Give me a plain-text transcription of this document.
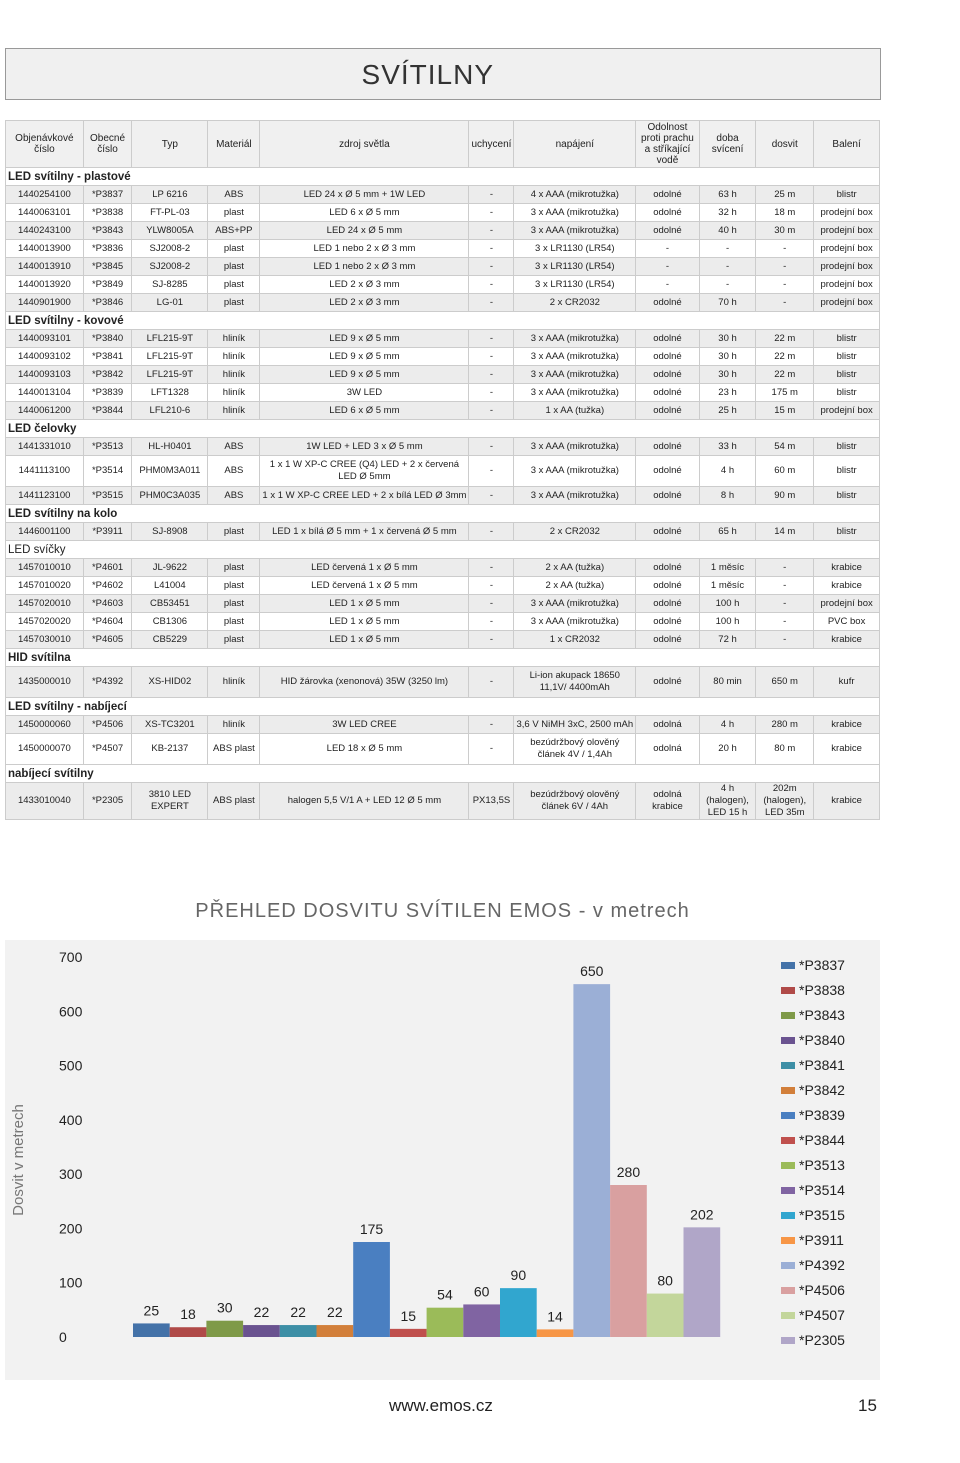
SVÍTILNY
Objenávkové číslo	Obecné číslo	Typ	Materiál	zdroj světla	uchycení	napájení	Odolnost proti prachu a stříkající vodě	doba svícení	dosvit	Balení
LED svítilny - plastové										
1440254100	*P3837	LP 6216	ABS	LED 24 x Ø 5 mm + 1W LED	-	4 x AAA (mikrotužka)	odolné	63 h	25 m	blistr
1440063101	*P3838	FT-PL-03	plast	LED 6 x Ø 5 mm	-	3 x AAA (mikrotužka)	odolné	32 h	18 m	prodejní box
1440243100	*P3843	YLW8005A	ABS+PP	LED 24 x Ø 5 mm	-	3 x AAA (mikrotužka)	odolné	40 h	30 m	prodejní box
1440013900	*P3836	SJ2008-2	plast	LED 1 nebo 2 x Ø 3 mm	-	3 x LR1130 (LR54)	-	-	-	prodejní box
1440013910	*P3845	SJ2008-2	plast	LED 1 nebo 2 x Ø 3 mm	-	3 x LR1130 (LR54)	-	-	-	prodejní box
1440013920	*P3849	SJ-8285	plast	LED 2 x Ø 3 mm	-	3 x LR1130 (LR54)	-	-	-	prodejní box
1440901900	*P3846	LG-01	plast	LED 2 x Ø 3 mm	-	2 x CR2032	odolné	70 h	-	prodejní box
LED svítilny - kovové										
1440093101	*P3840	LFL215-9T	hliník	LED 9 x Ø 5 mm	-	3 x AAA (mikrotužka)	odolné	30 h	22 m	blistr
1440093102	*P3841	LFL215-9T	hliník	LED 9 x Ø 5 mm	-	3 x AAA (mikrotužka)	odolné	30 h	22 m	blistr
1440093103	*P3842	LFL215-9T	hliník	LED 9 x Ø 5 mm	-	3 x AAA (mikrotužka)	odolné	30 h	22 m	blistr
1440013104	*P3839	LFT1328	hliník	3W LED	-	3 x AAA (mikrotužka)	odolné	23 h	175 m	blistr
1440061200	*P3844	LFL210-6	hliník	LED 6 x Ø 5 mm	-	1 x AA (tužka)	odolné	25 h	15 m	prodejní box
LED čelovky										
1441331010	*P3513	HL-H0401	ABS	1W LED + LED 3 x Ø 5 mm	-	3 x AAA (mikrotužka)	odolné	33 h	54 m	blistr
1441113100	*P3514	PHM0M3A011	ABS	1 x 1 W XP-C CREE (Q4) LED + 2 x červená LED Ø 5mm	-	3 x AAA (mikrotužka)	odolné	4 h	60 m	blistr
1441123100	*P3515	PHM0C3A035	ABS	1 x 1 W XP-C CREE LED + 2 x bílá LED Ø 3mm	-	3 x AAA (mikrotužka)	odolné	8 h	90 m	blistr
LED svítilny na kolo										
1446001100	*P3911	SJ-8908	plast	LED 1 x bílá Ø 5 mm + 1 x červená Ø 5 mm	-	2 x CR2032	odolné	65 h	14 m	blistr
LED svíčky										
1457010010	*P4601	JL-9622	plast	LED červená 1 x Ø 5 mm	-	2 x AA (tužka)	odolné	1 měsíc	-	krabice
1457010020	*P4602	L41004	plast	LED červená 1 x Ø 5 mm	-	2 x AA (tužka)	odolné	1 měsíc	-	krabice
1457020010	*P4603	CB53451	plast	LED 1 x Ø 5 mm	-	3 x AAA (mikrotužka)	odolné	100 h	-	prodejní box
1457020020	*P4604	CB1306	plast	LED 1 x Ø 5 mm	-	3 x AAA (mikrotužka)	odolné	100 h	-	PVC box
1457030010	*P4605	CB5229	plast	LED 1 x Ø 5 mm	-	1 x CR2032	odolné	72 h	-	krabice
HID svítilna										
1435000010	*P4392	XS-HID02	hliník	HID žárovka (xenonová) 35W (3250 lm)	-	Li-ion akupack 18650 11,1V/ 4400mAh	odolné	80 min	650 m	kufr
LED svítilny - nabíjecí										
1450000060	*P4506	XS-TC3201	hliník	3W LED CREE	-	3,6 V NiMH 3xC, 2500 mAh	odolná	4 h	280 m	krabice
1450000070	*P4507	KB-2137	ABS plast	LED 18 x Ø 5 mm	-	bezúdržbový olověný článek 4V / 1,4Ah	odolná	20 h	80 m	krabice
nabíjecí svítilny										
1433010040	*P2305	3810 LED EXPERT	ABS plast	halogen 5,5 V/1 A + LED 12 Ø 5 mm	PX13,5S	bezúdržbový olověný článek 6V / 4Ah	odolná krabice	4 h (halogen), LED 15 h	202m (halogen), LED 35m	krabice
PŘEHLED DOSVITU SVÍTILEN EMOS - v metrech
0
100
200
300
400
500
600
700
Dosvit v metrech
25 18 30 22 22 22
175
15
54 60
90
14
650
280
80
202
*P3837
*P3838
*P3843
*P3840
*P3841
*P3842
*P3839
*P3844
*P3513
*P3514
*P3515
*P3911
*P4392
*P4506
*P4507
*P2305
www.emos.cz	15
